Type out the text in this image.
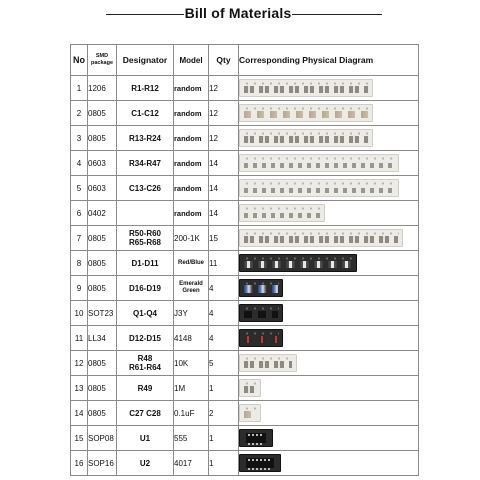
Bill of Materials
No	SMD package	Designator	Model	Qty	Corresponding Physical Diagram
1	1206	R1-R12	random	12	

2	0805	C1-C12	random	12	

3	0805	R13-R24	random	12	

4	0603	R34-R47	random	14	

5	0603	C13-C26	random	14	

6	0402		random	14	

7	0805	R50-R60
R65-R68	200-1K	15	

8	0805	D1-D11	Red/Blue	11	

9	0805	D16-D19	Emerald Green	4	

10	SOT23	Q1-Q4	J3Y	4	

11	LL34	D12-D15	4148	4	

12	0805	R48
R61-R64	10K	5	

13	0805	R49	1M	1	

14	0805	C27 C28	0.1uF	2	

15	SOP08	U1	555	1	

16	SOP16	U2	4017	1	
